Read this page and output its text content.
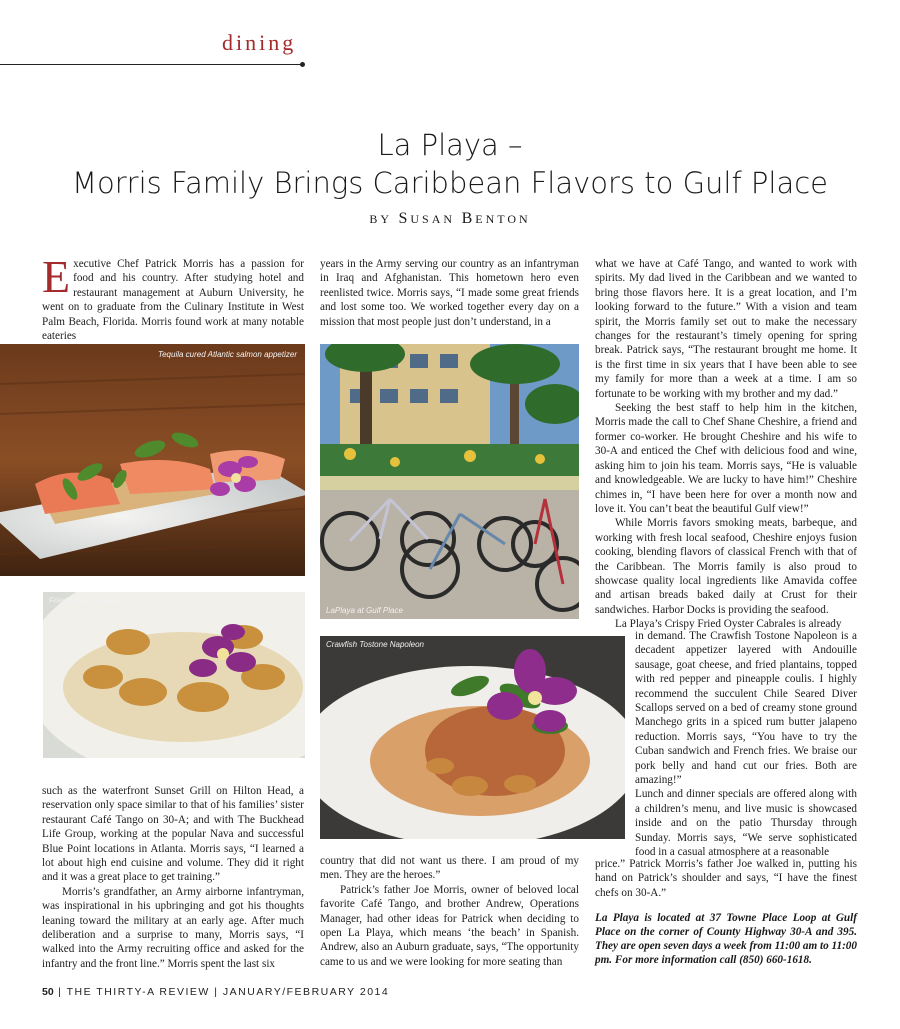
dining
La Playa –
Morris Family Brings Caribbean Flavors to Gulf Place
BY SUSAN BENTON

Executive Chef Patrick Morris has a passion for food and his country. After studying hotel and restaurant management at Auburn University, he went on to graduate from the Culinary Institute in West Palm Beach, Florida. Morris found work at many notable eateries

Tequila cured Atlantic salmon appetizer
Fried Oyster Cabrales

such as the waterfront Sunset Grill on Hilton Head, a reservation only space similar to that of his families’ sister restaurant Café Tango on 30-A; and with The Buckhead Life Group, working at the popular Nava and successful Blue Point locations in Atlanta. Morris says, “I learned a lot about high end cuisine and volume. They did it right and it was a great place to get training.”

Morris’s grandfather, an Army airborne infantryman, was inspirational in his upbringing and got his thoughts leaning toward the military at an early age. After much deliberation and a surprise to many, Morris says, “I walked into the Army recruiting office and asked for the infantry and the front line.” Morris spent the last six

years in the Army serving our country as an infantryman in Iraq and Afghanistan. This hometown hero even reenlisted twice. Morris says, “I made some great friends and lost some too. We worked together every day on a mission that most people just don’t understand, in a

LaPlaya at Gulf Place
Crawfish Tostone Napoleon

country that did not want us there. I am proud of my men. They are the heroes.”

Patrick’s father Joe Morris, owner of beloved local favorite Café Tango, and brother Andrew, Operations Manager, had other ideas for Patrick when deciding to open La Playa, which means ‘the beach’ in Spanish. Andrew, also an Auburn graduate, says, “The opportunity came to us and we were looking for more seating than

what we have at Café Tango, and wanted to work with spirits. My dad lived in the Caribbean and we wanted to bring those flavors here. It is a great location, and I’m looking forward to the future.” With a vision and team spirit, the Morris family set out to make the necessary changes for the restaurant’s timely opening for spring break. Patrick says, “The restaurant brought me home. It is the first time in six years that I have been able to see my family for more than a week at a time. I am so fortunate to be working with my brother and my dad.”

Seeking the best staff to help him in the kitchen, Morris made the call to Chef Shane Cheshire, a friend and former co-worker. He brought Cheshire and his wife to 30-A and enticed the Chef with delicious food and wine, asking him to join his team. Morris says, “He is valuable and knowledgeable. We are lucky to have him!” Cheshire chimes in, “I have been here for over a month now and love it. You can’t beat the beautiful Gulf view!”

While Morris favors smoking meats, barbeque, and working with fresh local seafood, Cheshire enjoys fusion cooking, blending flavors of classical French with that of the Caribbean. The Morris family is also proud to showcase quality local ingredients like Amavida coffee and artisan breads baked daily at Crust for their sandwiches. Harbor Docks is providing the seafood.

La Playa’s Crispy Fried Oyster Cabrales is already

in demand. The Crawfish Tostone Napoleon is a decadent appetizer layered with Andouille sausage, goat cheese, and fried plantains, topped with red pepper and pineapple coulis. I highly recommend the succulent Chile Seared Diver Scallops served on a bed of creamy stone ground Manchego grits in a spiced rum butter jalapeno reduction. Morris says, “You have to try the Cuban sandwich and French fries. We braise our pork belly and hand cut our fries. Both are amazing!”

Lunch and dinner specials are offered along with a children’s menu, and live music is showcased inside and on the patio Thursday through Sunday. Morris says, “We serve sophisticated food in a casual atmosphere at a reasonable

price.” Patrick Morris’s father Joe walked in, putting his hand on Patrick’s shoulder and says, “I have the finest chefs on 30-A.”

La Playa is located at 37 Towne Place Loop at Gulf Place on the corner of County Highway 30-A and 395. They are open seven days a week from 11:00 am to 11:00 pm. For more information call (850) 660-1618.
50 | THE THIRTY-A REVIEW | JANUARY/FEBRUARY 2014
